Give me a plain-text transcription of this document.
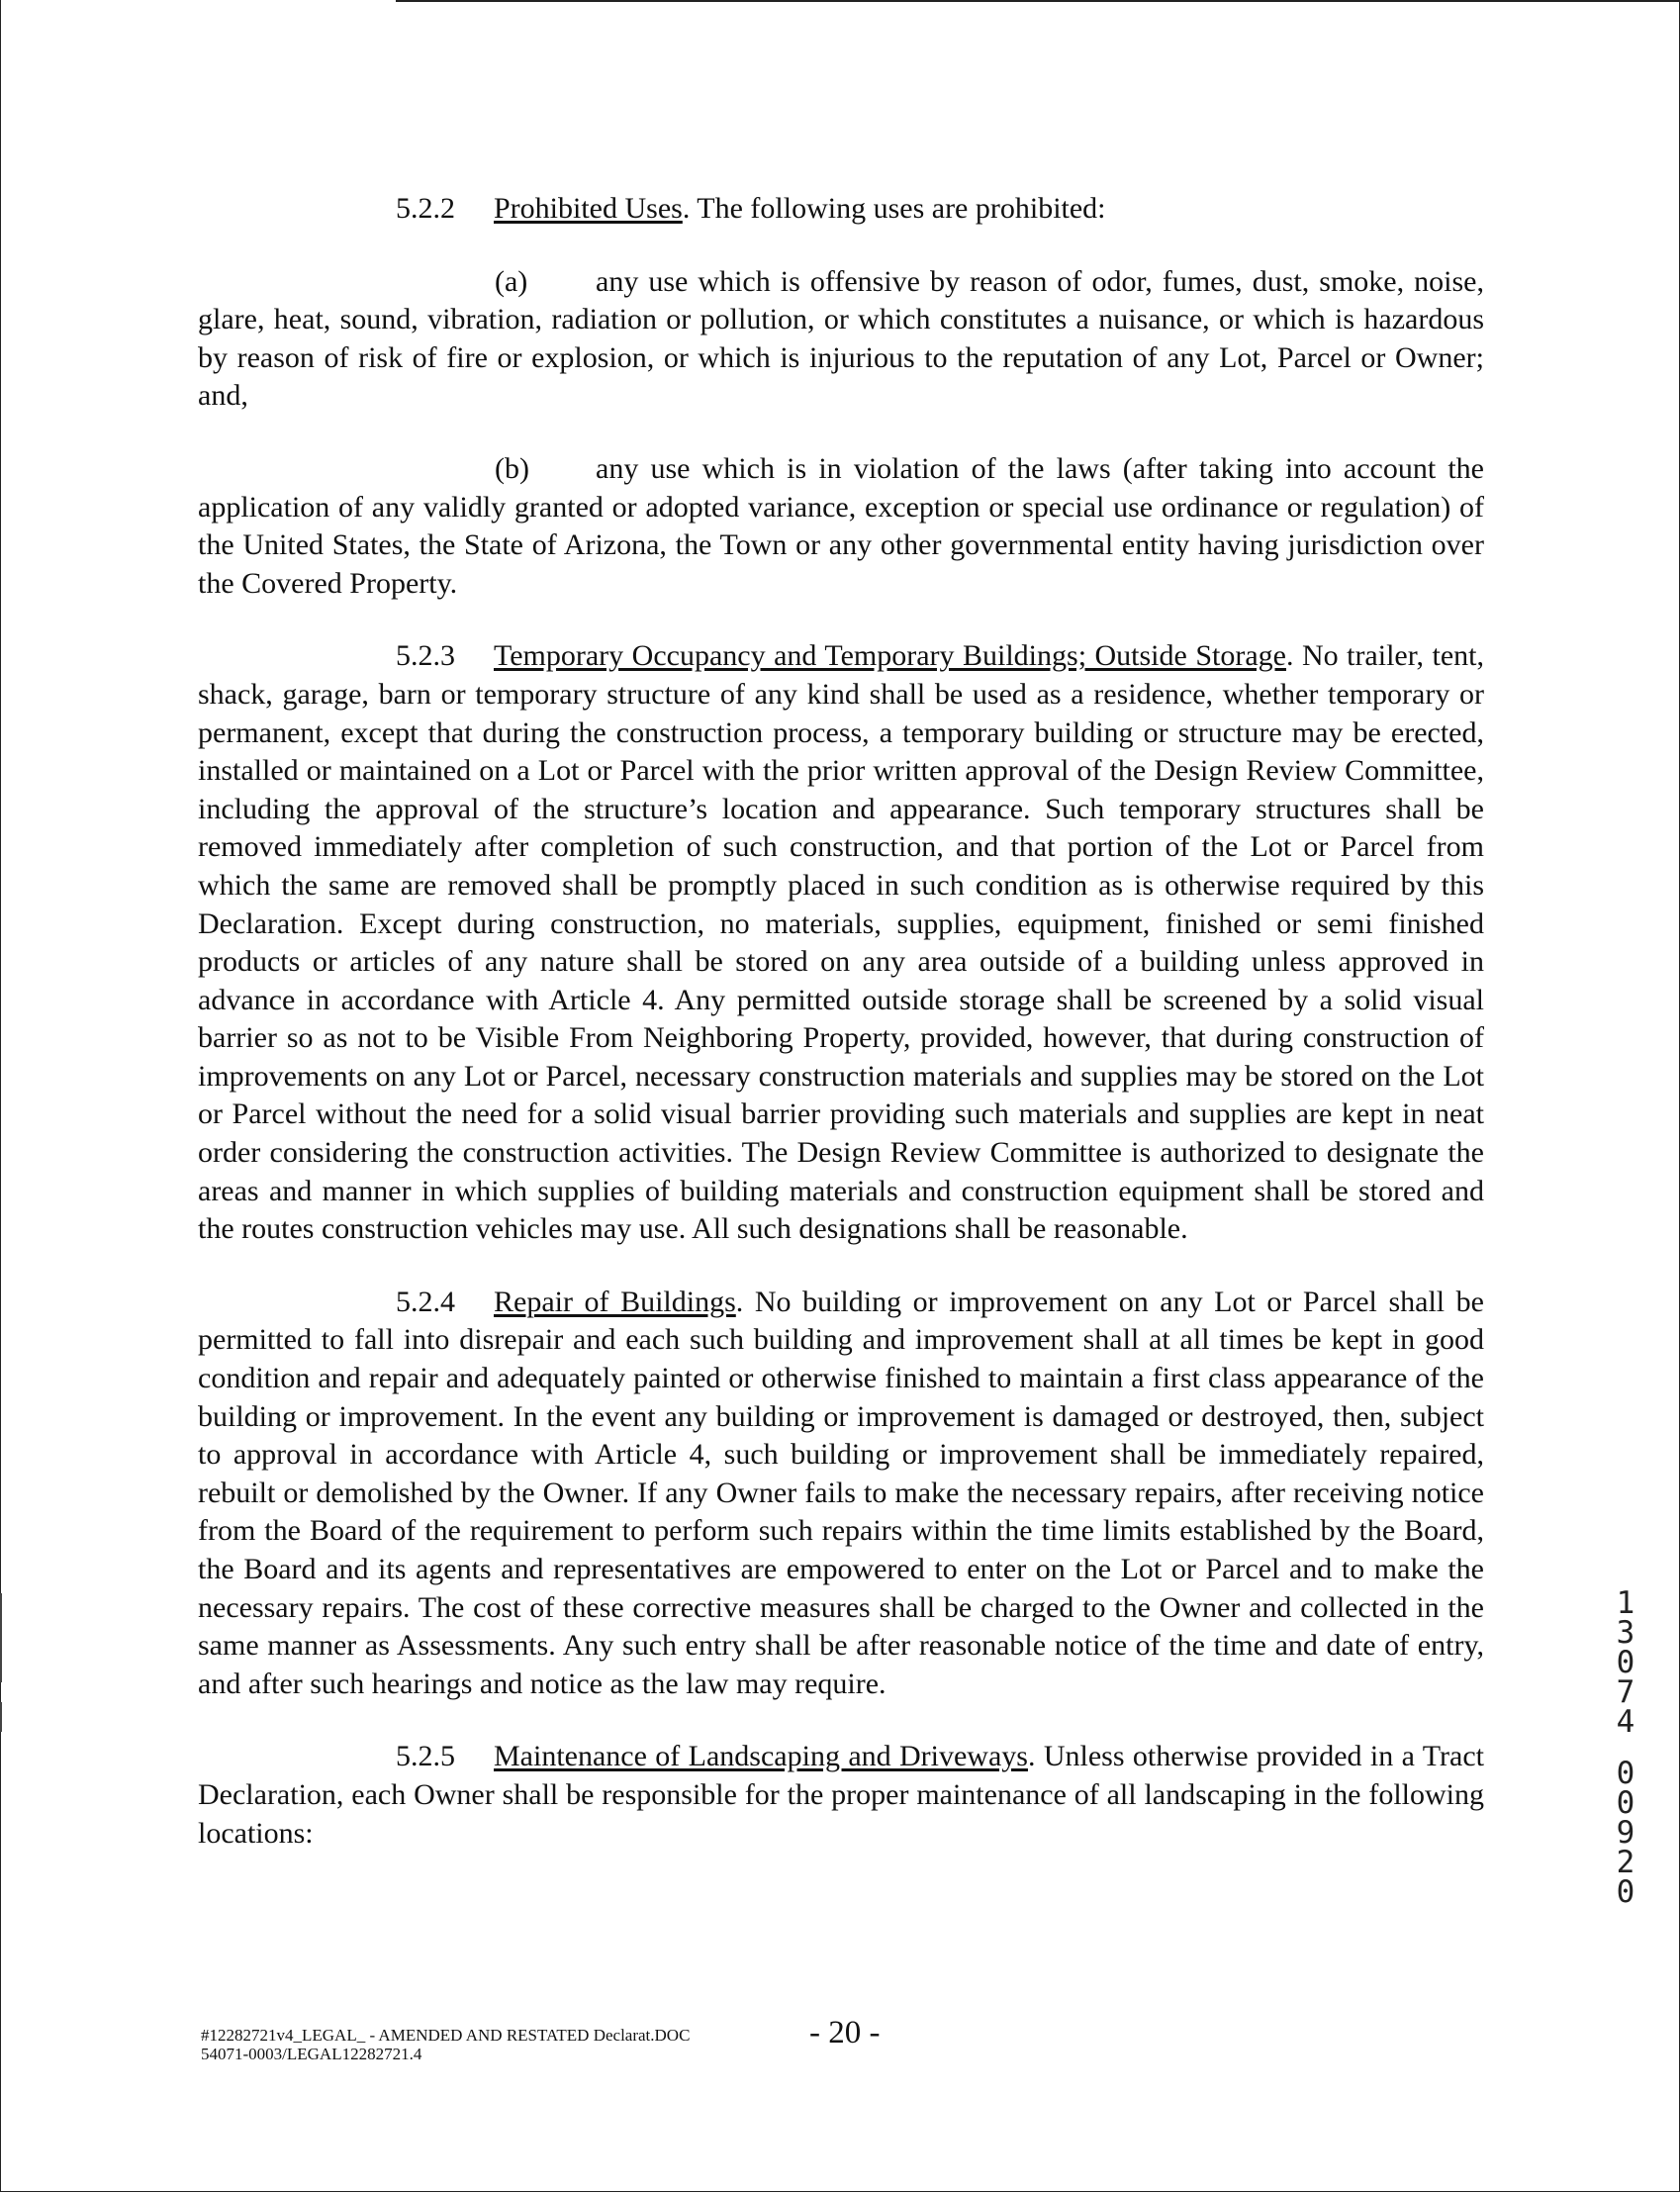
5.2.2 Prohibited Uses. The following uses are prohibited:

(a) any use which is offensive by reason of odor, fumes, dust, smoke, noise, glare, heat, sound, vibration, radiation or pollution, or which constitutes a nuisance, or which is hazardous by reason of risk of fire or explosion, or which is injurious to the reputation of any Lot, Parcel or Owner; and,

(b) any use which is in violation of the laws (after taking into account the application of any validly granted or adopted variance, exception or special use ordinance or regulation) of the United States, the State of Arizona, the Town or any other governmental entity having jurisdiction over the Covered Property.

5.2.3 Temporary Occupancy and Temporary Buildings; Outside Storage. No trailer, tent, shack, garage, barn or temporary structure of any kind shall be used as a residence, whether temporary or permanent, except that during the construction process, a temporary building or structure may be erected, installed or maintained on a Lot or Parcel with the prior written approval of the Design Review Committee, including the approval of the structure’s location and appearance. Such temporary structures shall be removed immediately after completion of such construction, and that portion of the Lot or Parcel from which the same are removed shall be promptly placed in such condition as is otherwise required by this Declaration. Except during construction, no materials, supplies, equipment, finished or semi finished products or articles of any nature shall be stored on any area outside of a building unless approved in advance in accordance with Article 4. Any permitted outside storage shall be screened by a solid visual barrier so as not to be Visible From Neighboring Property, provided, however, that during construction of improvements on any Lot or Parcel, necessary construction materials and supplies may be stored on the Lot or Parcel without the need for a solid visual barrier providing such materials and supplies are kept in neat order considering the construction activities. The Design Review Committee is authorized to designate the areas and manner in which supplies of building materials and construction equipment shall be stored and the routes construction vehicles may use. All such designations shall be reasonable.

5.2.4 Repair of Buildings. No building or improvement on any Lot or Parcel shall be permitted to fall into disrepair and each such building and improvement shall at all times be kept in good condition and repair and adequately painted or otherwise finished to maintain a first class appearance of the building or improvement. In the event any building or improvement is damaged or destroyed, then, subject to approval in accordance with Article 4, such building or improvement shall be immediately repaired, rebuilt or demolished by the Owner. If any Owner fails to make the necessary repairs, after receiving notice from the Board of the requirement to perform such repairs within the time limits established by the Board, the Board and its agents and representatives are empowered to enter on the Lot or Parcel and to make the necessary repairs. The cost of these corrective measures shall be charged to the Owner and collected in the same manner as Assessments. Any such entry shall be after reasonable notice of the time and date of entry, and after such hearings and notice as the law may require.

5.2.5 Maintenance of Landscaping and Driveways. Unless otherwise provided in a Tract Declaration, each Owner shall be responsible for the proper maintenance of all landscaping in the following locations:

#12282721v4_LEGAL_ - AMENDED AND RESTATED Declarat.DOC
54071-0003/LEGAL12282721.4
- 20 -
1
3
0
7
4
0
0
9
2
0
